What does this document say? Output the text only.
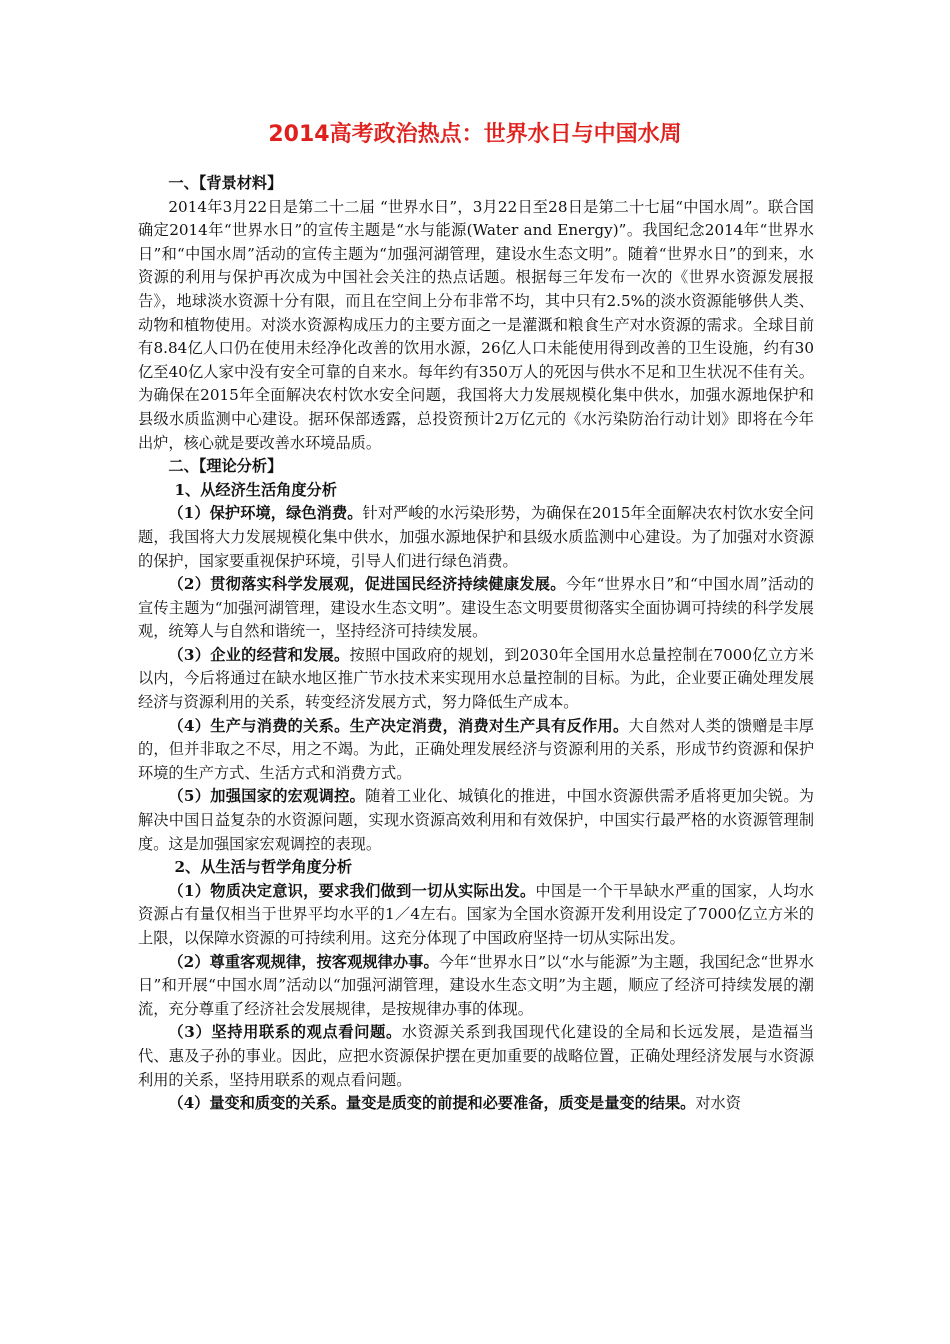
2014高考政治热点：世界水日与中国水周

一、【背景材料】

2014年3月22日是第二十二届 “世界水日”，3月22日至28日是第二十七届“中国水周”。联合国确定2014年“世界水日”的宣传主题是“水与能源(Water and Energy)”。我国纪念2014年“世界水日”和“中国水周”活动的宣传主题为“加强河湖管理，建设水生态文明”。随着“世界水日”的到来，水资源的利用与保护再次成为中国社会关注的热点话题。根据每三年发布一次的《世界水资源发展报告》，地球淡水资源十分有限，而且在空间上分布非常不均，其中只有2.5%的淡水资源能够供人类、动物和植物使用。对淡水资源构成压力的主要方面之一是灌溉和粮食生产对水资源的需求。全球目前有8.84亿人口仍在使用未经净化改善的饮用水源，26亿人口未能使用得到改善的卫生设施，约有30亿至40亿人家中没有安全可靠的自来水。每年约有350万人的死因与供水不足和卫生状况不佳有关。为确保在2015年全面解决农村饮水安全问题，我国将大力发展规模化集中供水，加强水源地保护和县级水质监测中心建设。据环保部透露，总投资预计2万亿元的《水污染防治行动计划》即将在今年出炉，核心就是要改善水环境品质。

二、【理论分析】

1、从经济生活角度分析

（1）保护环境，绿色消费。针对严峻的水污染形势，为确保在2015年全面解决农村饮水安全问题，我国将大力发展规模化集中供水，加强水源地保护和县级水质监测中心建设。为了加强对水资源的保护，国家要重视保护环境，引导人们进行绿色消费。

（2）贯彻落实科学发展观，促进国民经济持续健康发展。今年“世界水日”和“中国水周”活动的宣传主题为“加强河湖管理，建设水生态文明”。建设生态文明要贯彻落实全面协调可持续的科学发展观，统筹人与自然和谐统一，坚持经济可持续发展。

（3）企业的经营和发展。按照中国政府的规划，到2030年全国用水总量控制在7000亿立方米以内，今后将通过在缺水地区推广节水技术来实现用水总量控制的目标。为此，企业要正确处理发展经济与资源利用的关系，转变经济发展方式，努力降低生产成本。

（4）生产与消费的关系。生产决定消费，消费对生产具有反作用。大自然对人类的馈赠是丰厚的，但并非取之不尽，用之不竭。为此，正确处理发展经济与资源利用的关系，形成节约资源和保护环境的生产方式、生活方式和消费方式。

（5）加强国家的宏观调控。随着工业化、城镇化的推进，中国水资源供需矛盾将更加尖锐。为解决中国日益复杂的水资源问题，实现水资源高效利用和有效保护，中国实行最严格的水资源管理制度。这是加强国家宏观调控的表现。

2、从生活与哲学角度分析

（1）物质决定意识，要求我们做到一切从实际出发。中国是一个干旱缺水严重的国家，人均水资源占有量仅相当于世界平均水平的1／4左右。国家为全国水资源开发利用设定了7000亿立方米的上限，以保障水资源的可持续利用。这充分体现了中国政府坚持一切从实际出发。

（2）尊重客观规律，按客观规律办事。今年“世界水日”以“水与能源”为主题，我国纪念“世界水日”和开展“中国水周”活动以“加强河湖管理，建设水生态文明”为主题，顺应了经济可持续发展的潮流，充分尊重了经济社会发展规律，是按规律办事的体现。

（3）坚持用联系的观点看问题。水资源关系到我国现代化建设的全局和长远发展，是造福当代、惠及子孙的事业。因此，应把水资源保护摆在更加重要的战略位置，正确处理经济发展与水资源利用的关系，坚持用联系的观点看问题。

（4）量变和质变的关系。量变是质变的前提和必要准备，质变是量变的结果。对水资
